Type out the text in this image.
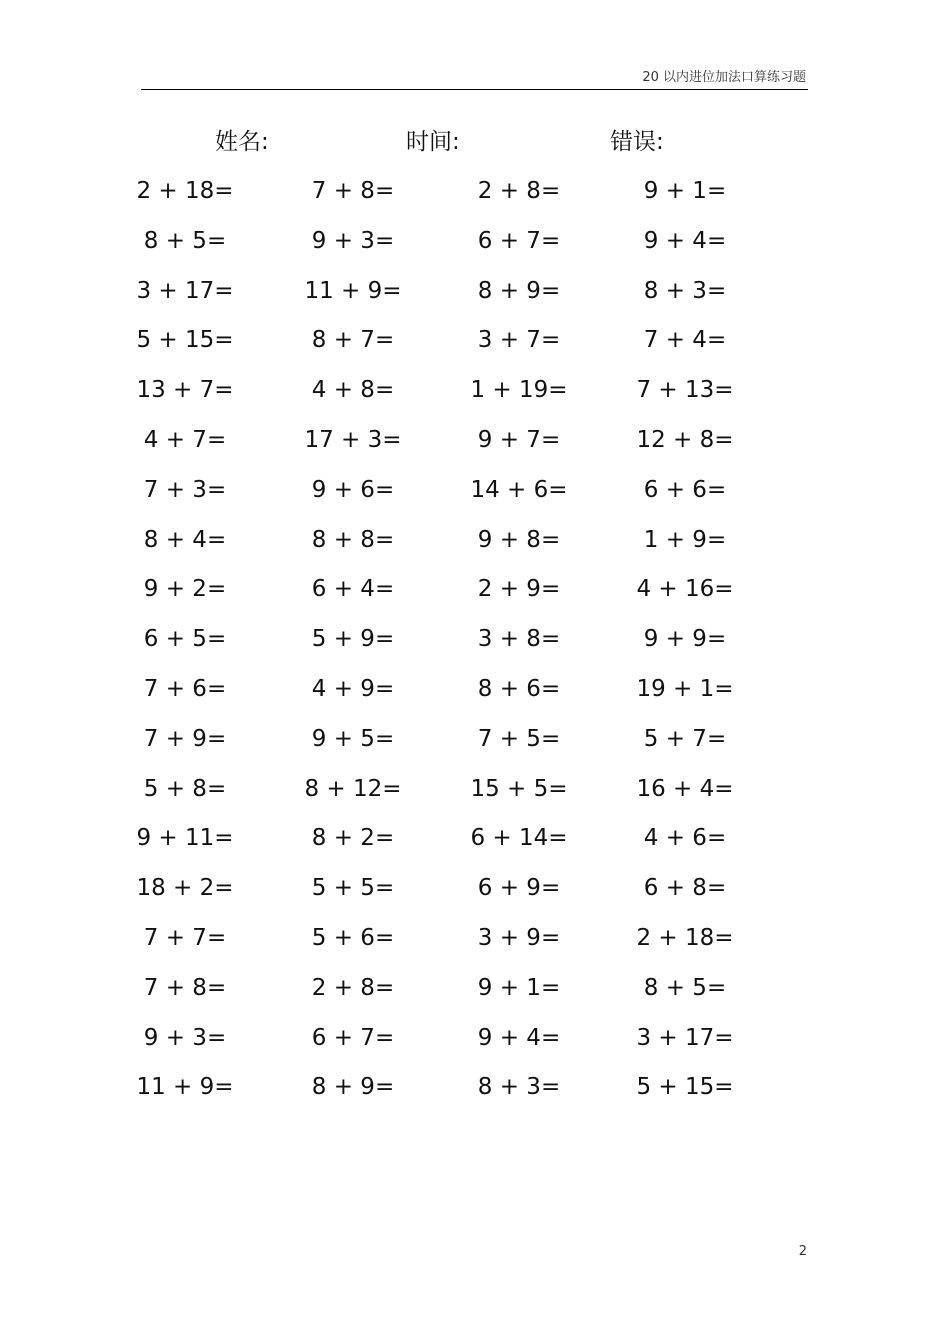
20 以内进位加法口算练习题
姓名:	时间:	错误:
2 + 18=	7 + 8=	2 + 8=	9 + 1=
8 + 5=	9 + 3=	6 + 7=	9 + 4=
3 + 17=	11 + 9=	8 + 9=	8 + 3=
5 + 15=	8 + 7=	3 + 7=	7 + 4=
13 + 7=	4 + 8=	1 + 19=	7 + 13=
4 + 7=	17 + 3=	9 + 7=	12 + 8=
7 + 3=	9 + 6=	14 + 6=	6 + 6=
8 + 4=	8 + 8=	9 + 8=	1 + 9=
9 + 2=	6 + 4=	2 + 9=	4 + 16=
6 + 5=	5 + 9=	3 + 8=	9 + 9=
7 + 6=	4 + 9=	8 + 6=	19 + 1=
7 + 9=	9 + 5=	7 + 5=	5 + 7=
5 + 8=	8 + 12=	15 + 5=	16 + 4=
9 + 11=	8 + 2=	6 + 14=	4 + 6=
18 + 2=	5 + 5=	6 + 9=	6 + 8=
7 + 7=	5 + 6=	3 + 9=	2 + 18=
7 + 8=	2 + 8=	9 + 1=	8 + 5=
9 + 3=	6 + 7=	9 + 4=	3 + 17=
11 + 9=	8 + 9=	8 + 3=	5 + 15=
2
